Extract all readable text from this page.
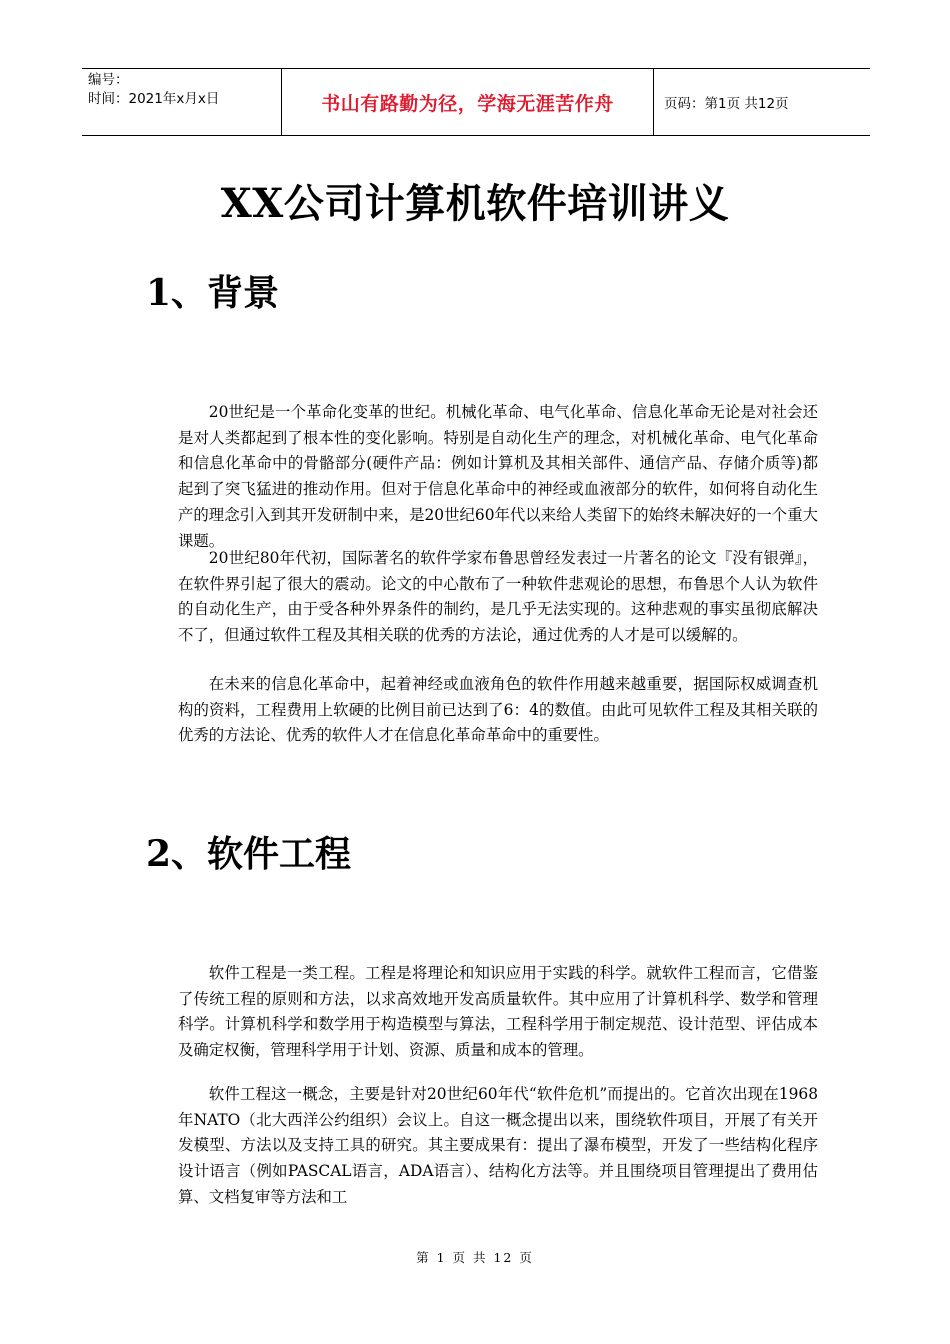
编号：
时间：2021年x月x日	书山有路勤为径，学海无涯苦作舟	页码：第1页 共12页
XX公司计算机软件培训讲义
1、背景

20世纪是一个革命化变革的世纪。机械化革命、电气化革命、信息化革命无论是对社会还是对人类都起到了根本性的变化影响。特别是自动化生产的理念，对机械化革命、电气化革命和信息化革命中的骨骼部分(硬件产品：例如计算机及其相关部件、通信产品、存储介质等)都起到了突飞猛进的推动作用。但对于信息化革命中的神经或血液部分的软件，如何将自动化生产的理念引入到其开发研制中来，是20世纪60年代以来给人类留下的始终未解决好的一个重大课题。

20世纪80年代初，国际著名的软件学家布鲁思曾经发表过一片著名的论文『没有银弹』，在软件界引起了很大的震动。论文的中心散布了一种软件悲观论的思想，布鲁思个人认为软件的自动化生产，由于受各种外界条件的制约，是几乎无法实现的。这种悲观的事实虽彻底解决不了，但通过软件工程及其相关联的优秀的方法论，通过优秀的人才是可以缓解的。

在未来的信息化革命中，起着神经或血液角色的软件作用越来越重要，据国际权威调查机构的资料，工程费用上软硬的比例目前已达到了6：4的数值。由此可见软件工程及其相关联的优秀的方法论、优秀的软件人才在信息化革命革命中的重要性。

2、软件工程

软件工程是一类工程。工程是将理论和知识应用于实践的科学。就软件工程而言，它借鉴了传统工程的原则和方法，以求高效地开发高质量软件。其中应用了计算机科学、数学和管理科学。计算机科学和数学用于构造模型与算法，工程科学用于制定规范、设计范型、评估成本及确定权衡，管理科学用于计划、资源、质量和成本的管理。

软件工程这一概念，主要是针对20世纪60年代“软件危机”而提出的。它首次出现在1968年NATO（北大西洋公约组织）会议上。自这一概念提出以来，围绕软件项目，开展了有关开发模型、方法以及支持工具的研究。其主要成果有：提出了瀑布模型，开发了一些结构化程序设计语言（例如PASCAL语言，ADA语言）、结构化方法等。并且围绕项目管理提出了费用估算、文档复审等方法和工

第 1 页 共 12 页
